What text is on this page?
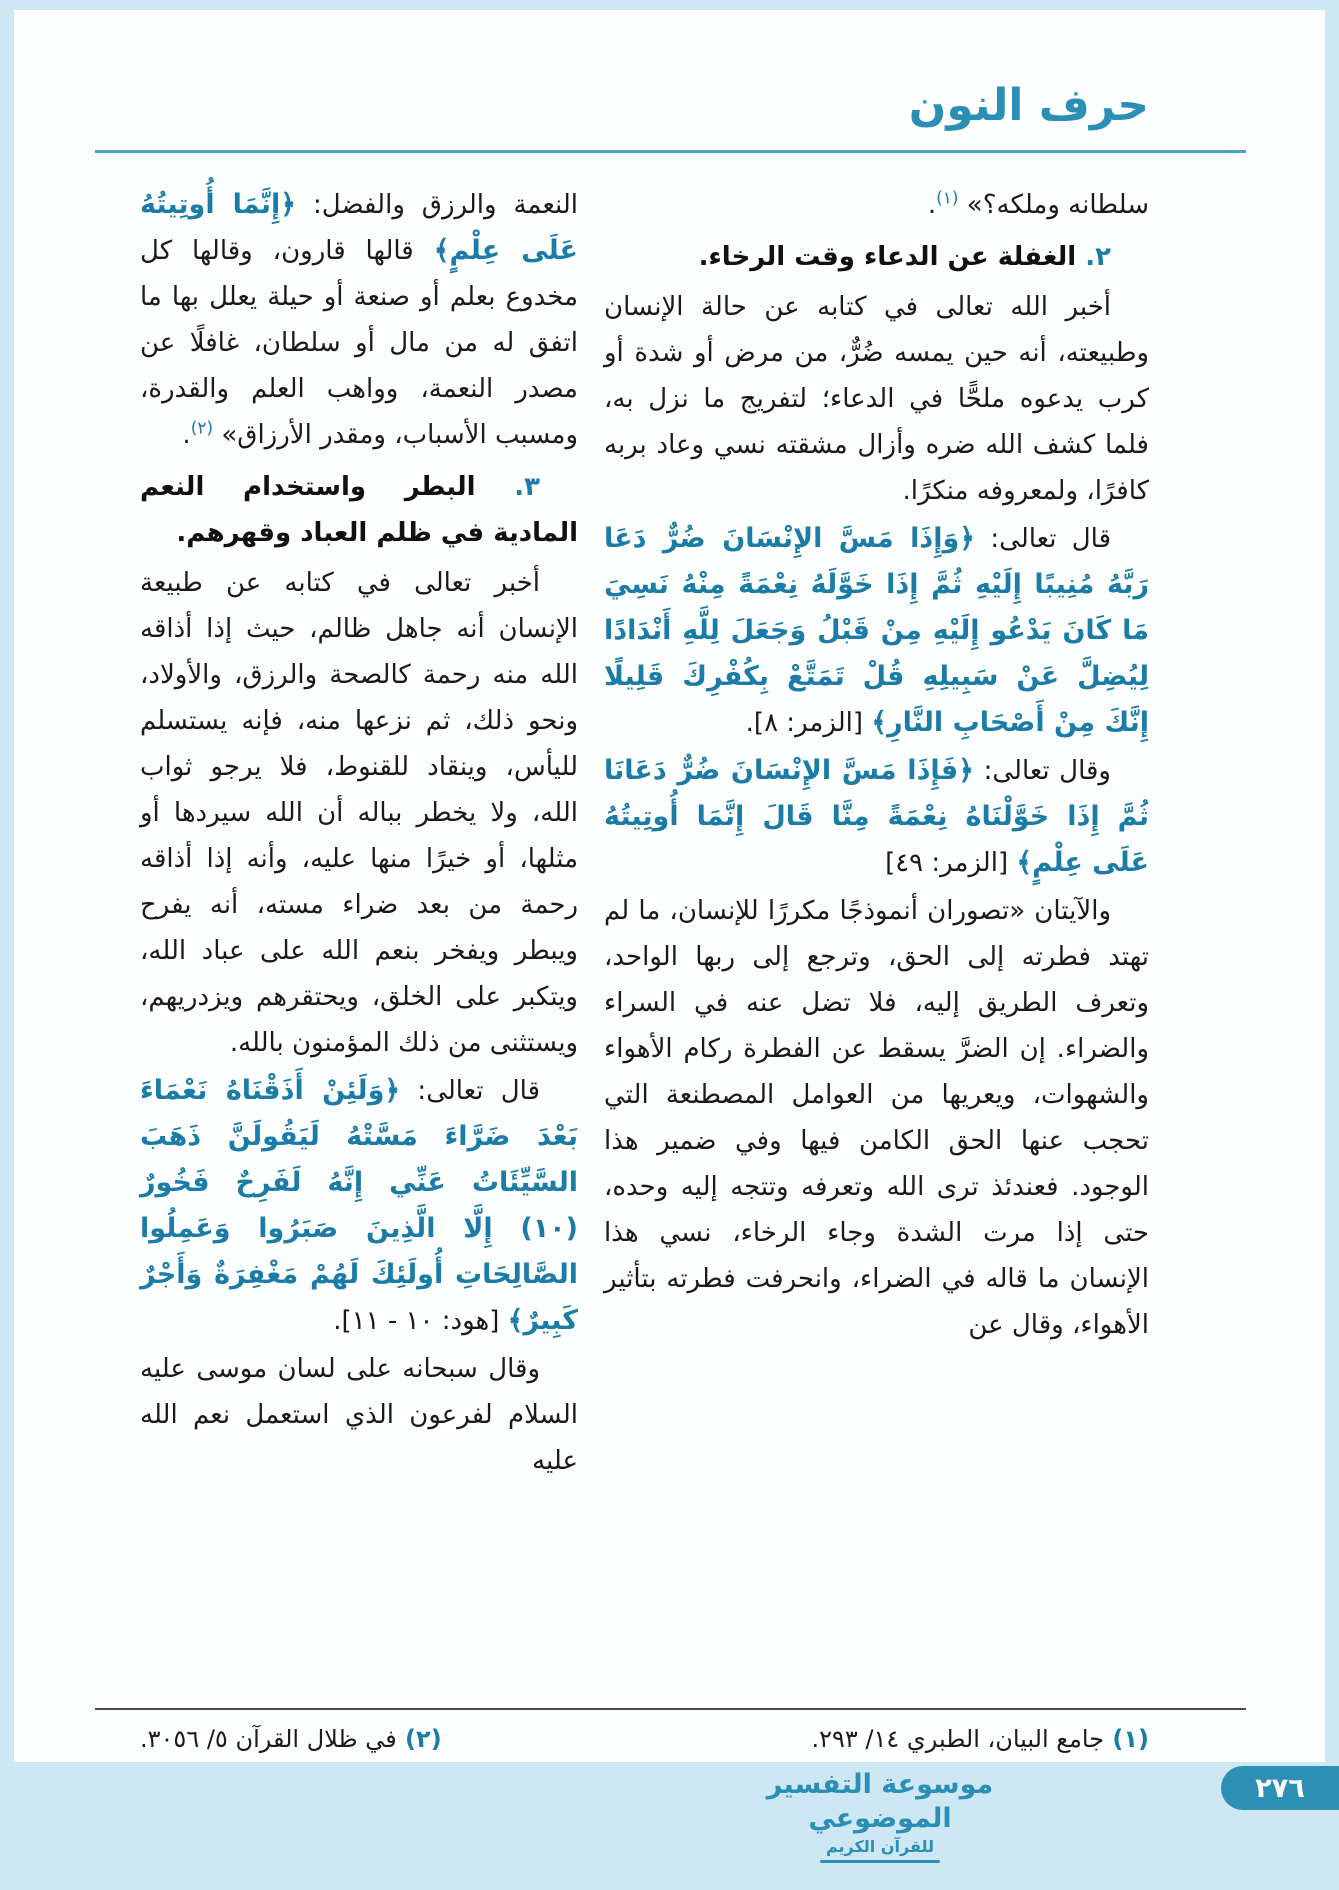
حرف النون

سلطانه وملكه؟» $^{(١)}$.

٢. الغفلة عن الدعاء وقت الرخاء.

أخبر الله تعالى في كتابه عن حالة الإنسان وطبيعته، أنه حين يمسه ضُرٌّ، من مرض أو شدة أو كرب يدعوه ملحًّا في الدعاء؛ لتفريج ما نزل به، فلما كشف الله ضره وأزال مشقته نسي وعاد بربه كافرًا، ولمعروفه منكرًا.

قال تعالى: ﴿وَإِذَا مَسَّ الإِنْسَانَ ضُرٌّ دَعَا رَبَّهُ مُنِيبًا إِلَيْهِ ثُمَّ إِذَا خَوَّلَهُ نِعْمَةً مِنْهُ نَسِيَ مَا كَانَ يَدْعُو إِلَيْهِ مِنْ قَبْلُ وَجَعَلَ لِلَّهِ أَنْدَادًا لِيُضِلَّ عَنْ سَبِيلِهِ قُلْ تَمَتَّعْ بِكُفْرِكَ قَلِيلًا إِنَّكَ مِنْ أَصْحَابِ النَّارِ﴾ [الزمر: ٨].

وقال تعالى: ﴿فَإِذَا مَسَّ الإِنْسَانَ ضُرٌّ دَعَانَا ثُمَّ إِذَا خَوَّلْنَاهُ نِعْمَةً مِنَّا قَالَ إِنَّمَا أُوتِيتُهُ عَلَى عِلْمٍ﴾ [الزمر: ٤٩]

والآيتان «تصوران أنموذجًا مكررًا للإنسان، ما لم تهتد فطرته إلى الحق، وترجع إلى ربها الواحد، وتعرف الطريق إليه، فلا تضل عنه في السراء والضراء. إن الضرَّ يسقط عن الفطرة ركام الأهواء والشهوات، ويعريها من العوامل المصطنعة التي تحجب عنها الحق الكامن فيها وفي ضمير هذا الوجود. فعندئذ ترى الله وتعرفه وتتجه إليه وحده، حتى إذا مرت الشدة وجاء الرخاء، نسي هذا الإنسان ما قاله في الضراء، وانحرفت فطرته بتأثير الأهواء، وقال عن

النعمة والرزق والفضل: ﴿إِنَّمَا أُوتِيتُهُ عَلَى عِلْمٍ﴾ قالها قارون، وقالها كل مخدوع بعلم أو صنعة أو حيلة يعلل بها ما اتفق له من مال أو سلطان، غافلًا عن مصدر النعمة، وواهب العلم والقدرة، ومسبب الأسباب، ومقدر الأرزاق» $^{(٢)}$.

٣. البطر واستخدام النعم المادية في ظلم العباد وقهرهم.

أخبر تعالى في كتابه عن طبيعة الإنسان أنه جاهل ظالم، حيث إذا أذاقه الله منه رحمة كالصحة والرزق، والأولاد، ونحو ذلك، ثم نزعها منه، فإنه يستسلم لليأس، وينقاد للقنوط، فلا يرجو ثواب الله، ولا يخطر بباله أن الله سيردها أو مثلها، أو خيرًا منها عليه، وأنه إذا أذاقه رحمة من بعد ضراء مسته، أنه يفرح ويبطر ويفخر بنعم الله على عباد الله، ويتكبر على الخلق، ويحتقرهم ويزدريهم، ويستثنى من ذلك المؤمنون بالله.

قال تعالى: ﴿وَلَئِنْ أَذَقْنَاهُ نَعْمَاءَ بَعْدَ ضَرَّاءَ مَسَّتْهُ لَيَقُولَنَّ ذَهَبَ السَّيِّئَاتُ عَنِّي إِنَّهُ لَفَرِحٌ فَخُورٌ (١٠) إِلَّا الَّذِينَ صَبَرُوا وَعَمِلُوا الصَّالِحَاتِ أُولَئِكَ لَهُمْ مَغْفِرَةٌ وَأَجْرٌ كَبِيرٌ﴾ [هود: ١٠ - ١١].

وقال سبحانه على لسان موسى عليه السلام لفرعون الذي استعمل نعم الله عليه

(١) جامع البيان، الطبري ١٤/ ٢٩٣.
(٢) في ظلال القرآن ٥/ ٣٠٥٦.
موسوعة التفسير الموضوعي
للقرآن الكريم
٢٧٦
